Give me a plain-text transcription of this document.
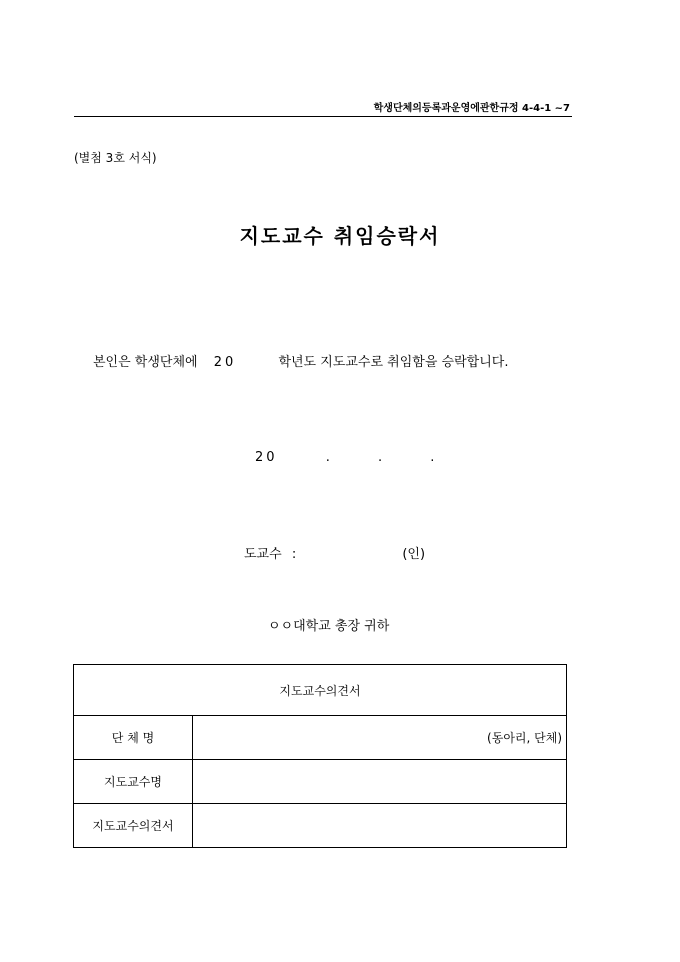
학생단체의등록과운영에관한규정 4-4-1 ~7
(별첨 3호 서식)
지도교수 취임승락서
본인은 학생단체에 20	학년도 지도교수로 취임함을 승락합니다.
20	.	.	.
도교수 :	(인)
ㅇㅇ대학교 총장 귀하
지도교수의견서	
단 체 명	(동아리, 단체)
지도교수명	
지도교수의견서	
